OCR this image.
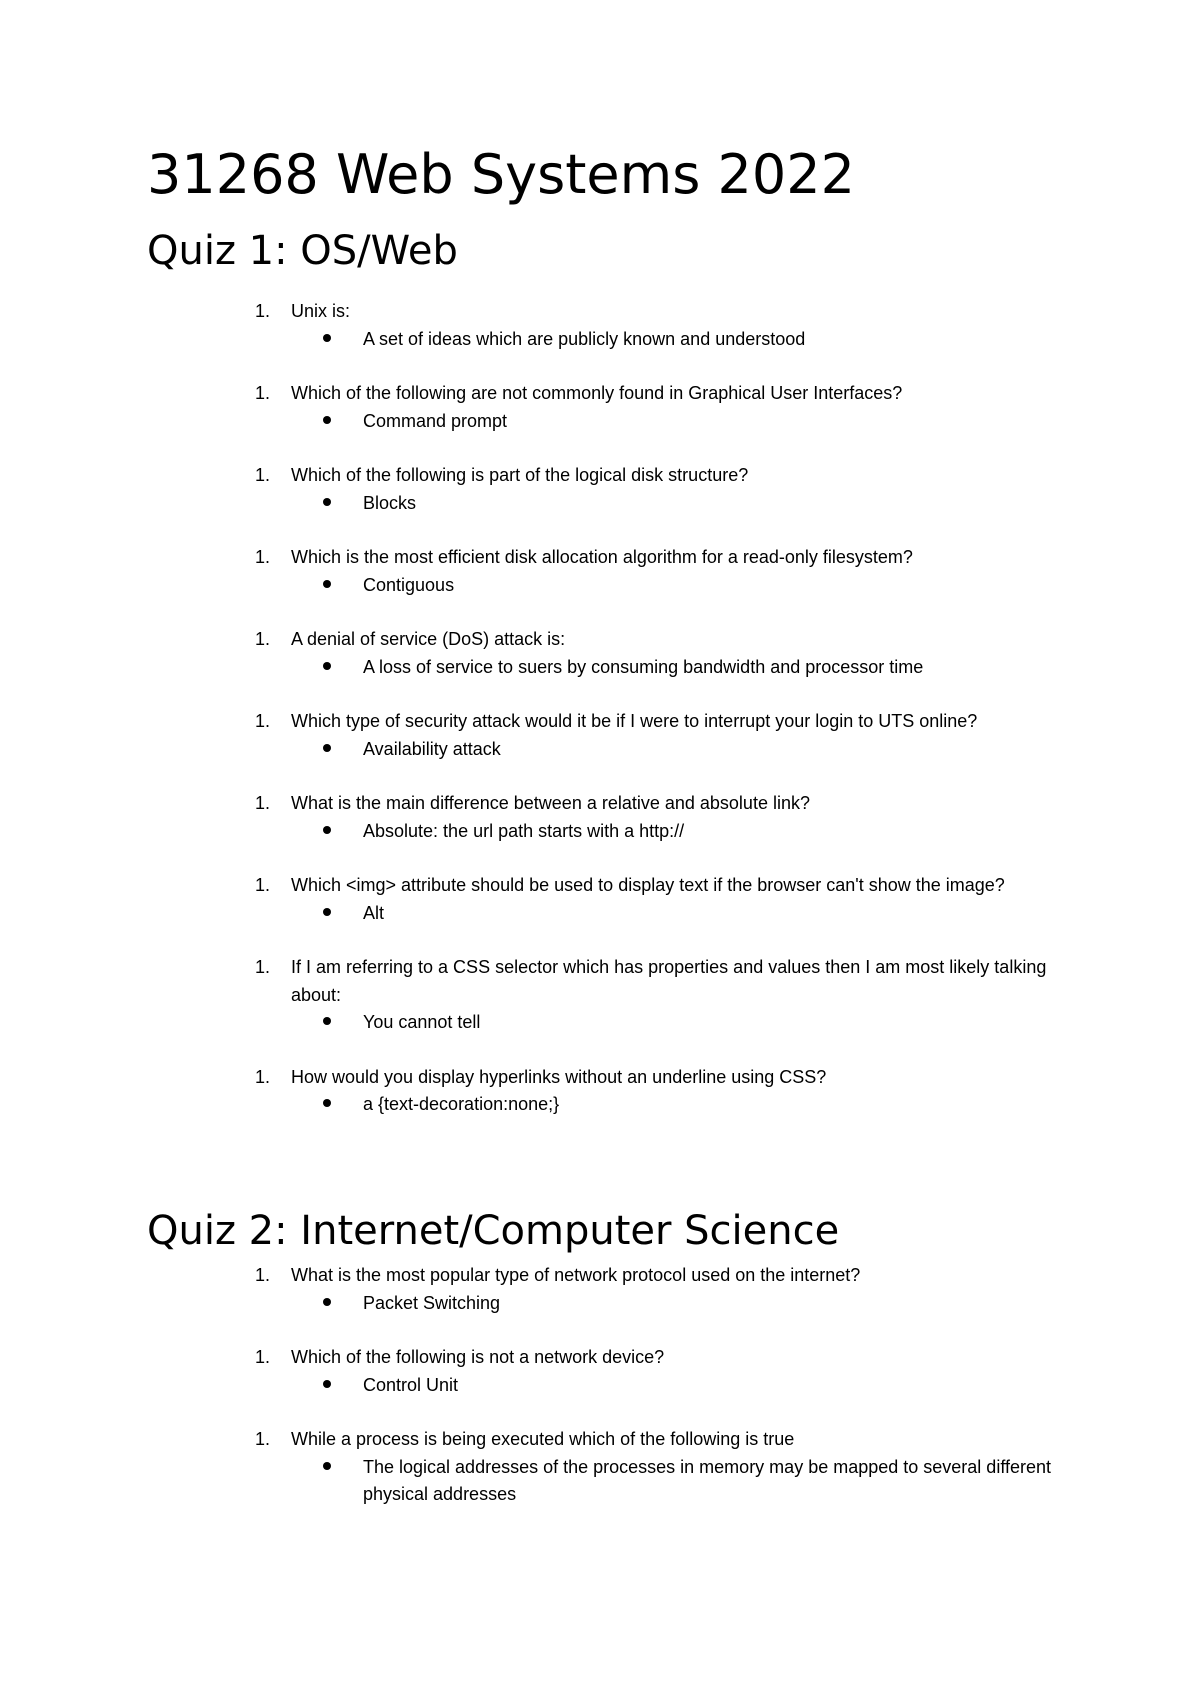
31268 Web Systems 2022
Quiz 1: OS/Web
1. Unix is:
A set of ideas which are publicly known and understood
1. Which of the following are not commonly found in Graphical User Interfaces?
Command prompt
1. Which of the following is part of the logical disk structure?
Blocks
1. Which is the most efficient disk allocation algorithm for a read-only filesystem?
Contiguous
1. A denial of service (DoS) attack is:
A loss of service to suers by consuming bandwidth and processor time
1. Which type of security attack would it be if I were to interrupt your login to UTS online?
Availability attack
1. What is the main difference between a relative and absolute link?
Absolute: the url path starts with a http://
1. Which <img> attribute should be used to display text if the browser can't show the image?
Alt
1. If I am referring to a CSS selector which has properties and values then I am most likely talking about:
You cannot tell
1. How would you display hyperlinks without an underline using CSS?
a {text-decoration:none;}
Quiz 2: Internet/Computer Science
1. What is the most popular type of network protocol used on the internet?
Packet Switching
1. Which of the following is not a network device?
Control Unit
1. While a process is being executed which of the following is true
The logical addresses of the processes in memory may be mapped to several different physical addresses
